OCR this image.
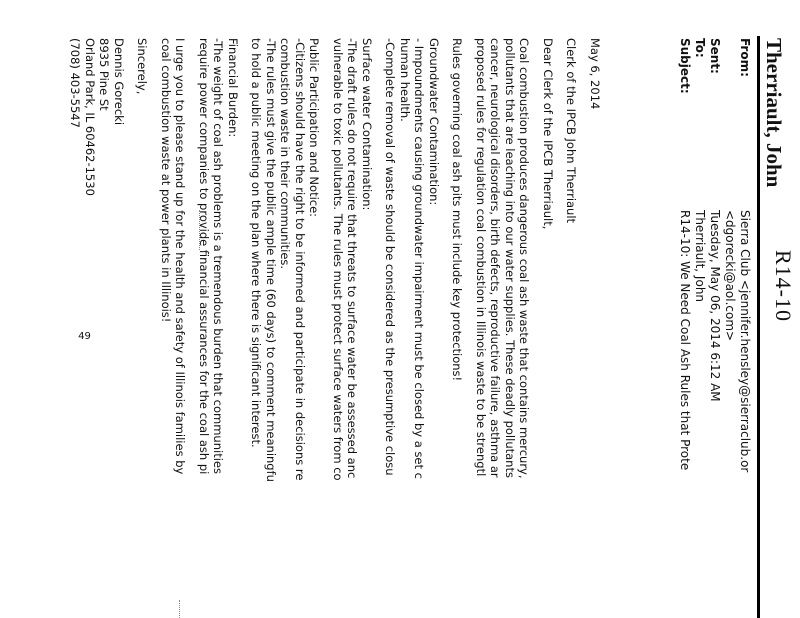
Therriault, John
R14-10
From:
Sierra Club <jennifer.hensley@sierraclub.or
<dgorecki@aol.com>
Sent:
Tuesday, May 06, 2014 6:12 AM
To:
Therriault, John
Subject:
R14-10: We Need Coal Ash Rules that Prote

May 6, 2014

Clerk of the IPCB John Therriault

Dear Clerk of the IPCB Therriault,

Coal combustion produces dangerous coal ash waste that contains mercury,
pollutants that are leaching into our water supplies. These deadly pollutants
cancer, neurological disorders, birth defects, reproductive failure, asthma ar
proposed rules for regulation coal combustion in Illinois waste to be strengtl

Rules governing coal ash pits must include key protections!

Groundwater Contamination:
- Impoundments causing groundwater impairment must be closed by a set c
human health.
-Complete removal of waste should be considered as the presumptive closu

Surface water Contamination:
-The draft rules do not require that threats to surface water be assessed anc
vulnerable to toxic pollutants. The rules must protect surface waters from co

Public Participation and Notice:
-Citizens should have the right to be informed and participate in decisions re
combustion waste in their communities.
-The rules must give the public ample time (60 days) to comment meaningfu
to hold a public meeting on the plan where there is significant interest.

Financial Burden:
-The weight of coal ash problems is a tremendous burden that communities
require power companies to provide financial assurances for the coal ash pi

I urge you to please stand up for the health and safety of Illinois families by
coal combustion waste at power plants in Illinois!

Sincerely,

Dennis Gorecki
8935 Pine St
Orland Park, IL 60462-1530
(708) 403-5547

49
